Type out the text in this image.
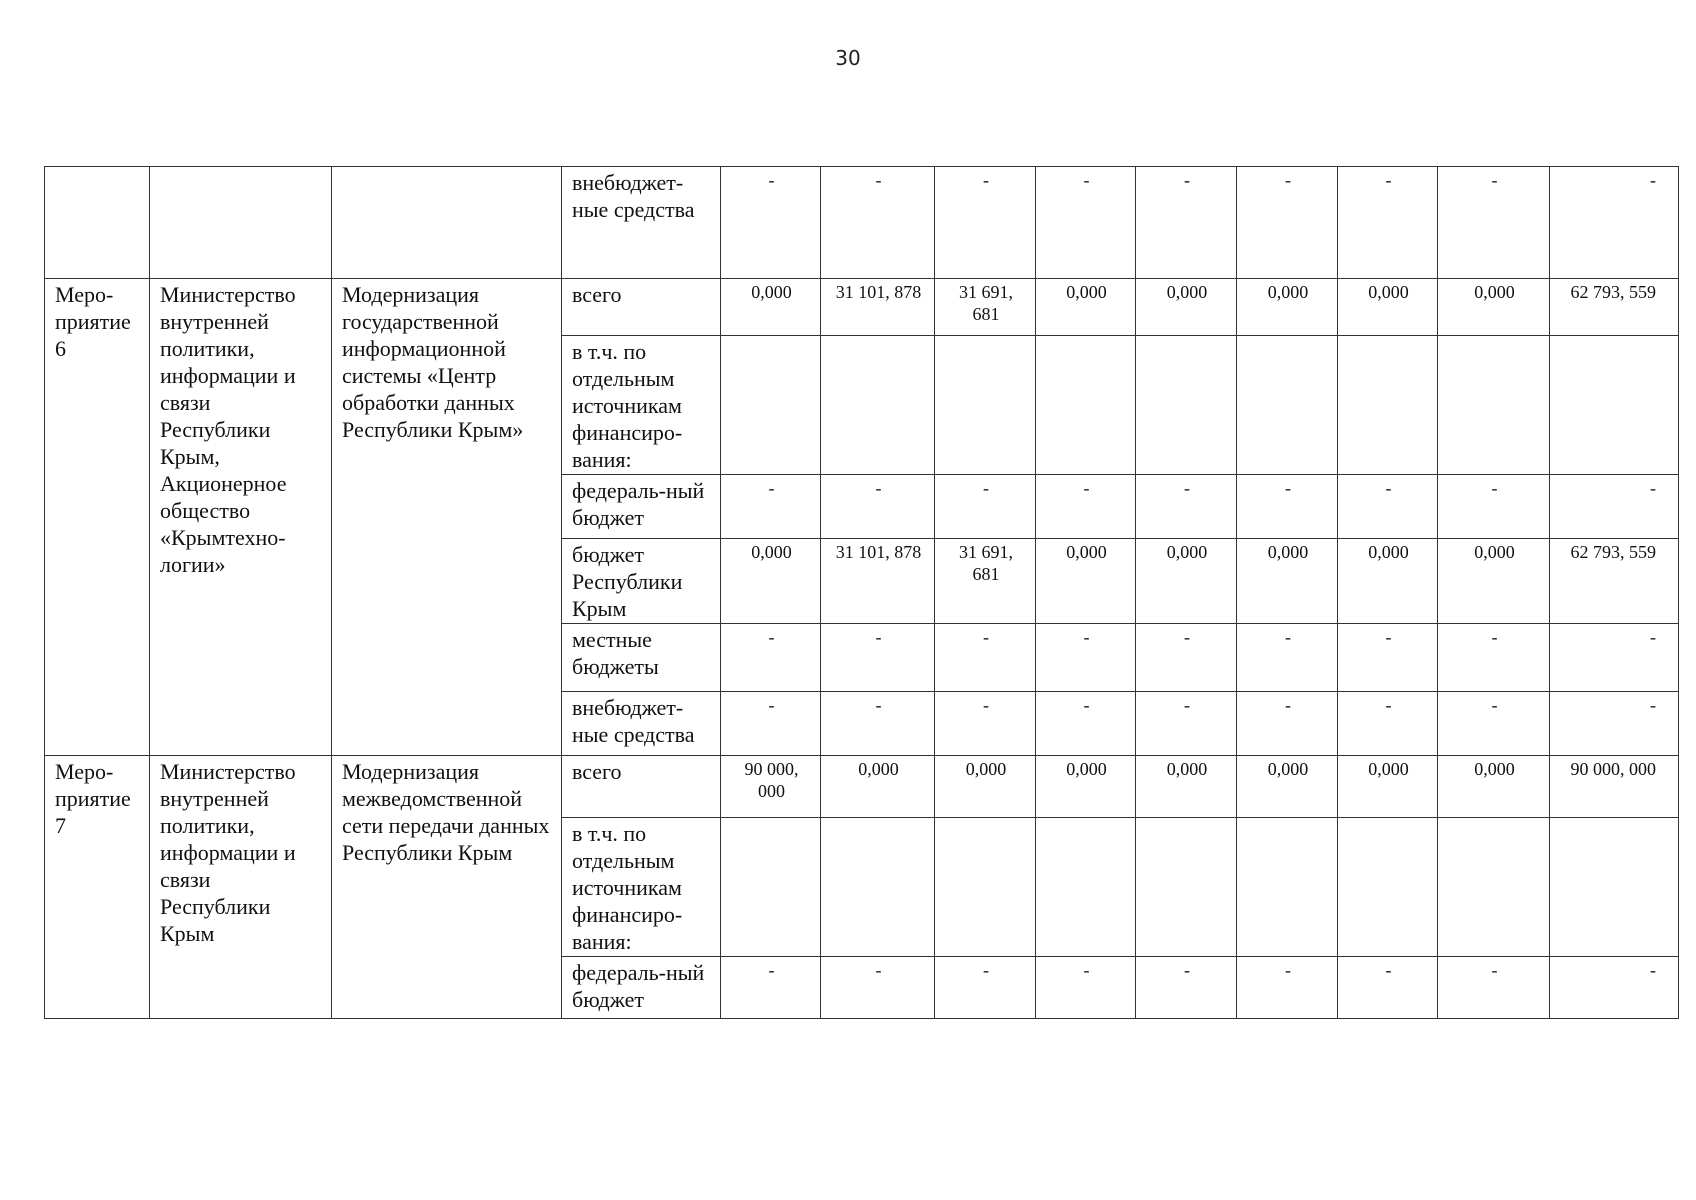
30
			внебюджет-ные средства	-	-	-	-	-	-	-	-	-
Меро-приятие 6	Министерство внутренней политики, информации и связи Республики Крым, Акционерное общество «Крымтехно-логии»	Модернизация государственной информационной системы «Центр обработки данных Республики Крым»	всего	0,000	31 101, 878	31 691, 681	0,000	0,000	0,000	0,000	0,000	62 793, 559
			в т.ч. по отдельным источникам финансиро-вания:									
			федераль-ный бюджет	-	-	-	-	-	-	-	-	-
			бюджет Республики Крым	0,000	31 101, 878	31 691, 681	0,000	0,000	0,000	0,000	0,000	62 793, 559
			местные бюджеты	-	-	-	-	-	-	-	-	-
			внебюджет-ные средства	-	-	-	-	-	-	-	-	-
Меро-приятие 7	Министерство внутренней политики, информации и связи Республики Крым	Модернизация межведомственной сети передачи данных Республики Крым	всего	90 000, 000	0,000	0,000	0,000	0,000	0,000	0,000	0,000	90 000, 000
			в т.ч. по отдельным источникам финансиро-вания:									
			федераль-ный бюджет	-	-	-	-	-	-	-	-	-
